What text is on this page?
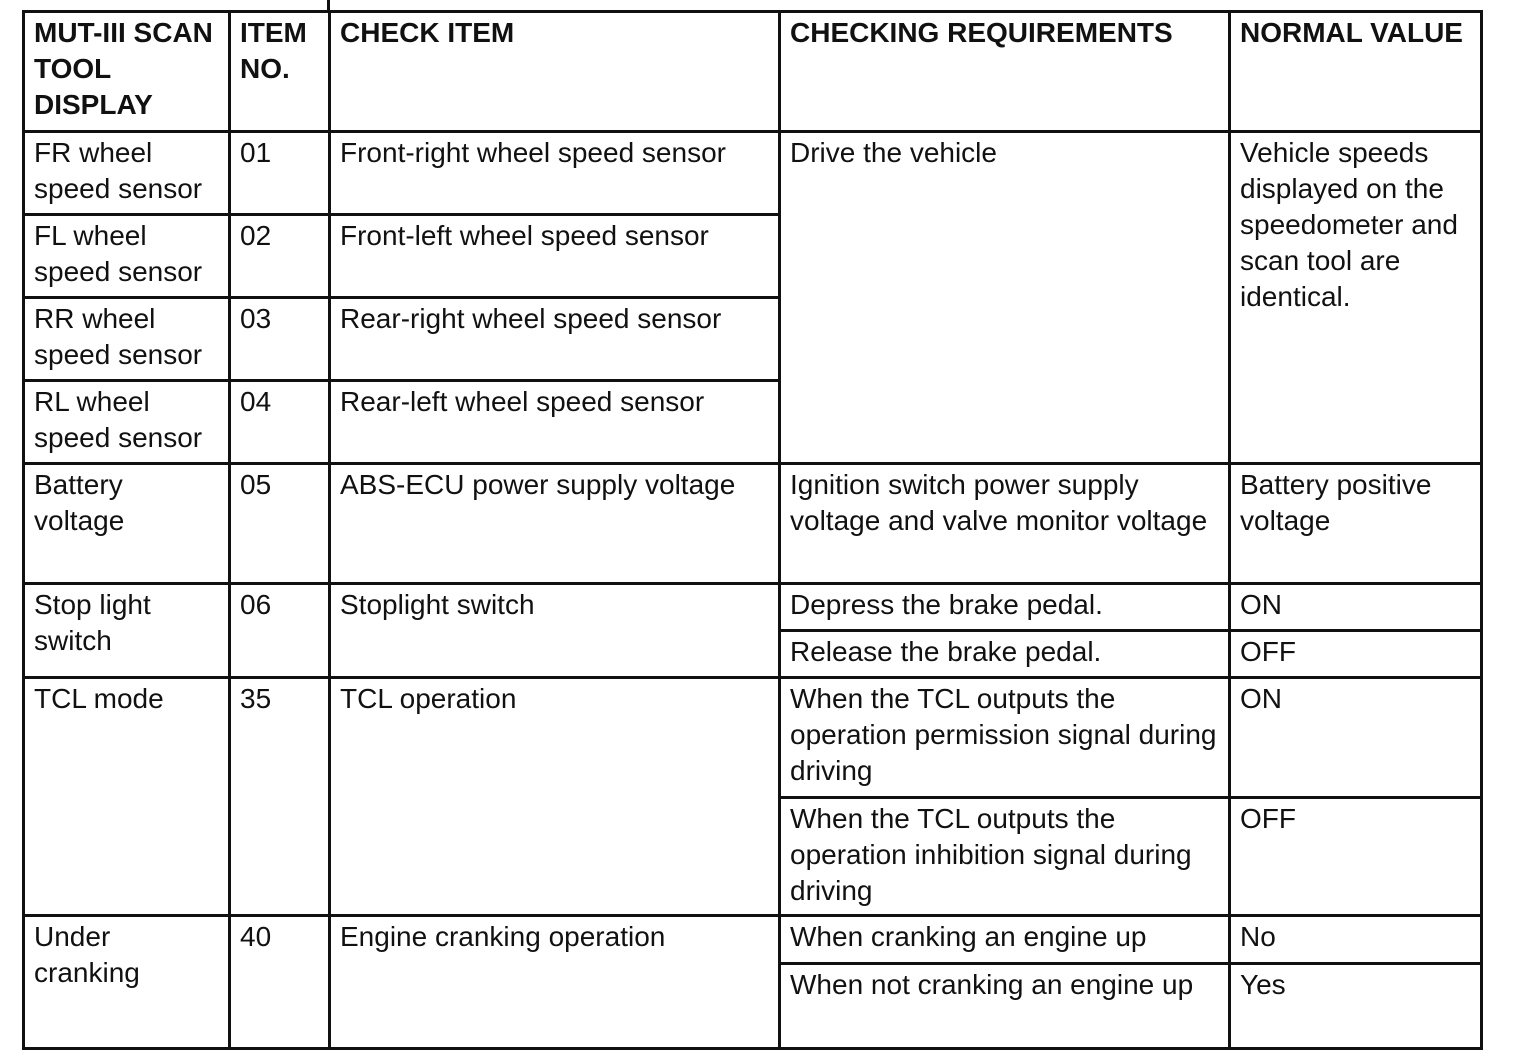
MUT-III SCAN TOOL DISPLAY	ITEM NO.	CHECK ITEM	CHECKING REQUIREMENTS	NORMAL VALUE
FR wheel speed sensor	01	Front-right wheel speed sensor	Drive the vehicle	Vehicle speeds displayed on the speedometer and scan tool are identical.
FL wheel speed sensor	02	Front-left wheel speed sensor		
RR wheel speed sensor	03	Rear-right wheel speed sensor		
RL wheel speed sensor	04	Rear-left wheel speed sensor		
Battery voltage	05	ABS-ECU power supply voltage	Ignition switch power supply voltage and valve monitor voltage	Battery positive voltage
Stop light switch	06	Stoplight switch	Depress the brake pedal.	ON
			Release the brake pedal.	OFF
TCL mode	35	TCL operation	When the TCL outputs the operation permission signal during driving	ON
			When the TCL outputs the operation inhibition signal during driving	OFF
Under cranking	40	Engine cranking operation	When cranking an engine up	No
			When not cranking an engine up	Yes
